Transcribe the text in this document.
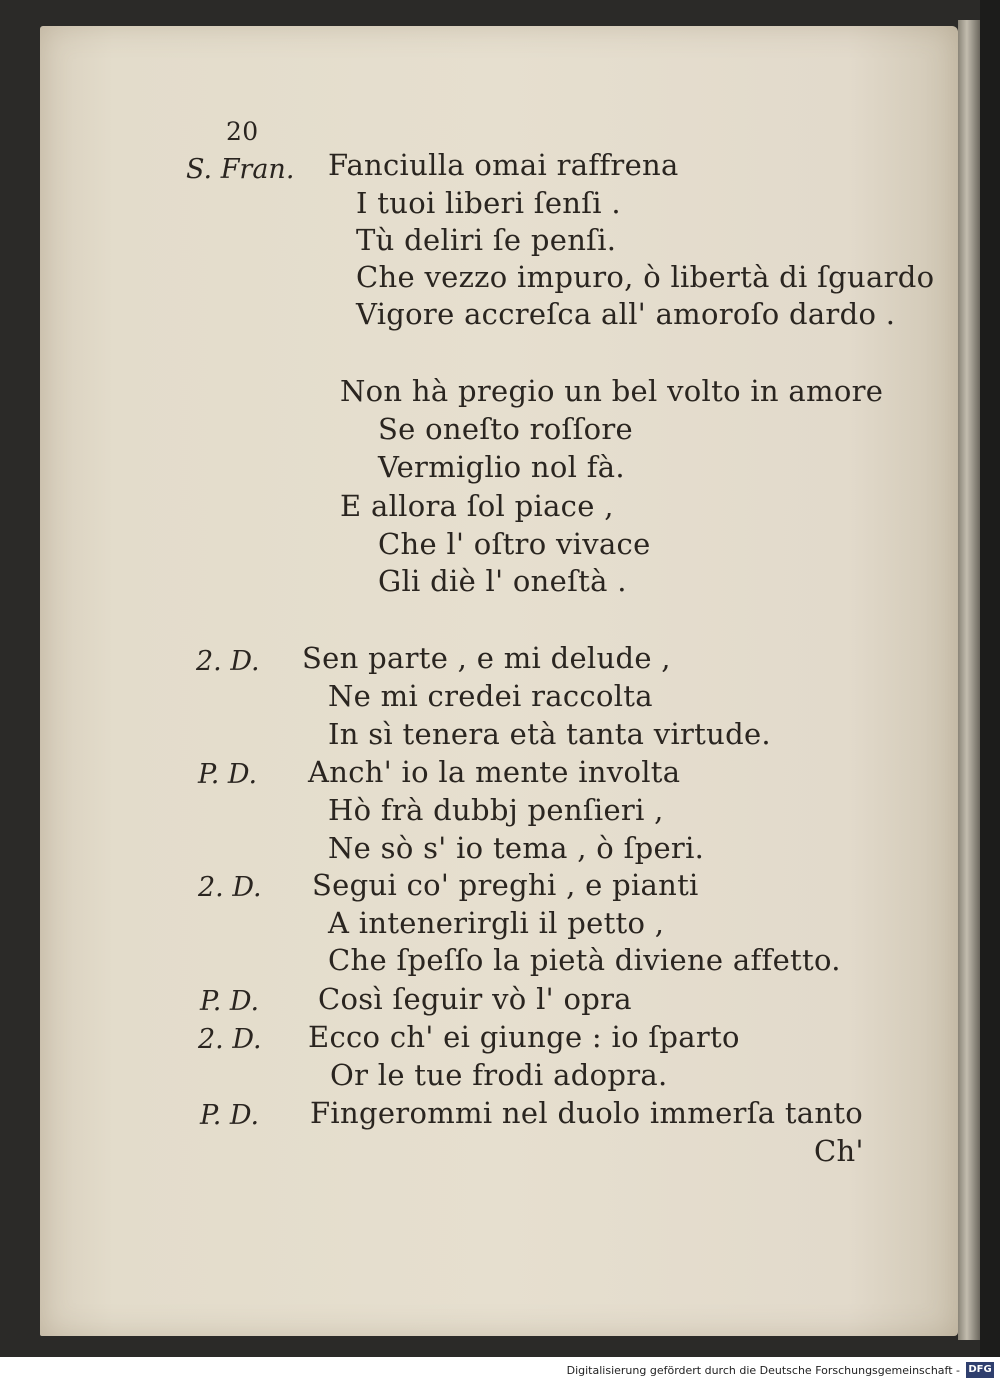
20
S. Fran. Fanciulla omai raffrena
I tuoi liberi ſenſi .
Tù deliri ſe penſi.
Che vezzo impuro, ò libertà di ſguardo
Vigore accreſca all' amoroſo dardo .
Non hà pregio un bel volto in amore
Se oneſto roſſore
Vermiglio nol fà.
E allora ſol piace ,
Che l' oſtro vivace
Gli diè l' oneſtà .
2. D. Sen parte , e mi delude ,
Ne mi credei raccolta
In sì tenera età tanta virtude.
P. D. Anch' io la mente involta
Hò frà dubbj penſieri ,
Ne sò s' io tema , ò ſperi.
2. D. Segui co' preghi , e pianti
A intenerirgli il petto ,
Che ſpeſſo la pietà diviene affetto.
P. D. Così ſeguir vò l' opra
2. D. Ecco ch' ei giunge : io ſparto
Or le tue frodi adopra.
P. D. Fingerommi nel duolo immerſa tanto
Ch'
Digitalisierung gefördert durch die Deutsche Forschungsgemeinschaft - DFG
